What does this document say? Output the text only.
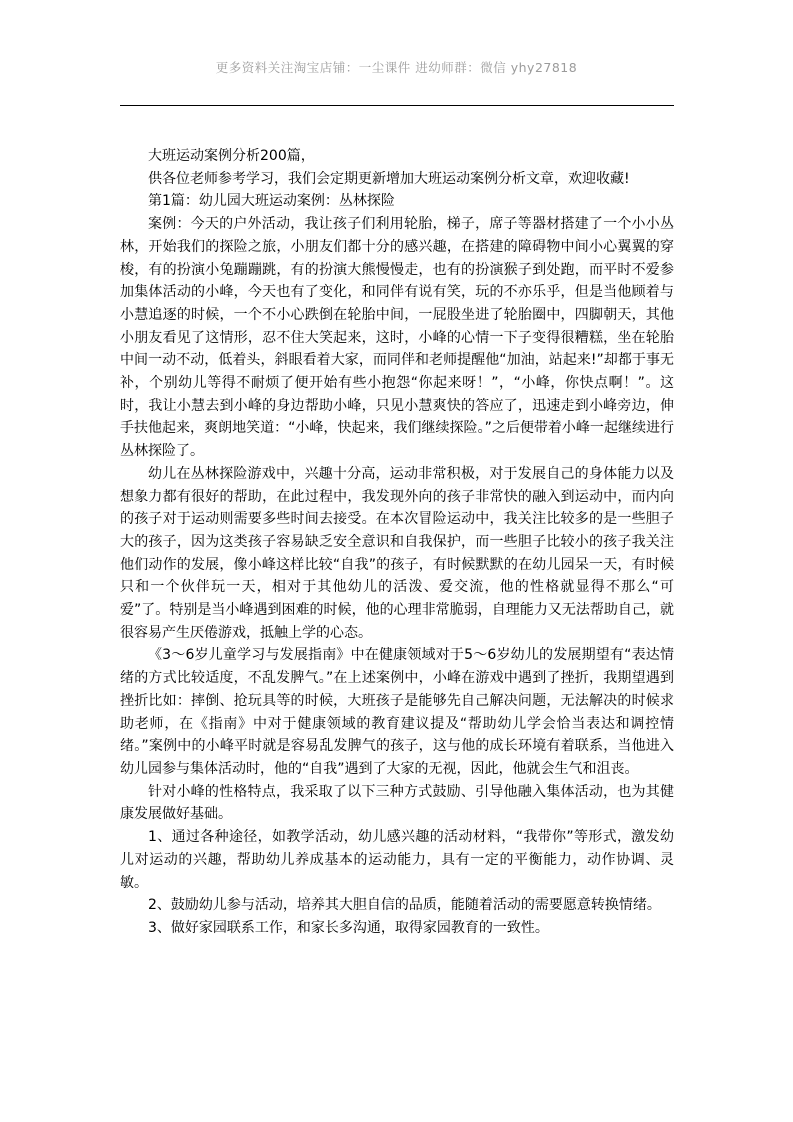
更多资料关注淘宝店铺：一尘课件 进幼师群：微信 yhy27818

大班运动案例分析200篇，

供各位老师参考学习，我们会定期更新增加大班运动案例分析文章，欢迎收藏!

第1篇：幼儿园大班运动案例：丛林探险

案例：今天的户外活动，我让孩子们利用轮胎，梯子，席子等器材搭建了一个小小丛林，开始我们的探险之旅，小朋友们都十分的感兴趣，在搭建的障碍物中间小心翼翼的穿梭，有的扮演小兔蹦蹦跳，有的扮演大熊慢慢走，也有的扮演猴子到处跑，而平时不爱参加集体活动的小峰，今天也有了变化，和同伴有说有笑，玩的不亦乐乎，但是当他顾着与小慧追逐的时候，一个不小心跌倒在轮胎中间，一屁股坐进了轮胎圈中，四脚朝天，其他小朋友看见了这情形，忍不住大笑起来，这时，小峰的心情一下子变得很糟糕，坐在轮胎中间一动不动，低着头，斜眼看着大家，而同伴和老师提醒他“加油，站起来!”却都于事无补，个别幼儿等得不耐烦了便开始有些小抱怨“你起来呀！”，“小峰，你快点啊！”。这时，我让小慧去到小峰的身边帮助小峰，只见小慧爽快的答应了，迅速走到小峰旁边，伸手扶他起来，爽朗地笑道：“小峰，快起来，我们继续探险。”之后便带着小峰一起继续进行丛林探险了。

幼儿在丛林探险游戏中，兴趣十分高，运动非常积极，对于发展自己的身体能力以及想象力都有很好的帮助，在此过程中，我发现外向的孩子非常快的融入到运动中，而内向的孩子对于运动则需要多些时间去接受。在本次冒险运动中，我关注比较多的是一些胆子大的孩子，因为这类孩子容易缺乏安全意识和自我保护，而一些胆子比较小的孩子我关注他们动作的发展，像小峰这样比较“自我”的孩子，有时候默默的在幼儿园呆一天，有时候只和一个伙伴玩一天，相对于其他幼儿的活泼、爱交流，他的性格就显得不那么“可爱”了。特别是当小峰遇到困难的时候，他的心理非常脆弱，自理能力又无法帮助自己，就很容易产生厌倦游戏，抵触上学的心态。

《3～6岁儿童学习与发展指南》中在健康领域对于5～6岁幼儿的发展期望有“表达情绪的方式比较适度，不乱发脾气。”在上述案例中，小峰在游戏中遇到了挫折，我期望遇到挫折比如：摔倒、抢玩具等的时候，大班孩子是能够先自己解决问题，无法解决的时候求助老师，在《指南》中对于健康领域的教育建议提及“帮助幼儿学会恰当表达和调控情绪。”案例中的小峰平时就是容易乱发脾气的孩子，这与他的成长环境有着联系，当他进入幼儿园参与集体活动时，他的“自我”遇到了大家的无视，因此，他就会生气和沮丧。

针对小峰的性格特点，我采取了以下三种方式鼓励、引导他融入集体活动，也为其健康发展做好基础。

1、通过各种途径，如教学活动，幼儿感兴趣的活动材料，“我带你”等形式，激发幼儿对运动的兴趣，帮助幼儿养成基本的运动能力，具有一定的平衡能力，动作协调、灵敏。

2、鼓励幼儿参与活动，培养其大胆自信的品质，能随着活动的需要愿意转换情绪。

3、做好家园联系工作，和家长多沟通，取得家园教育的一致性。
